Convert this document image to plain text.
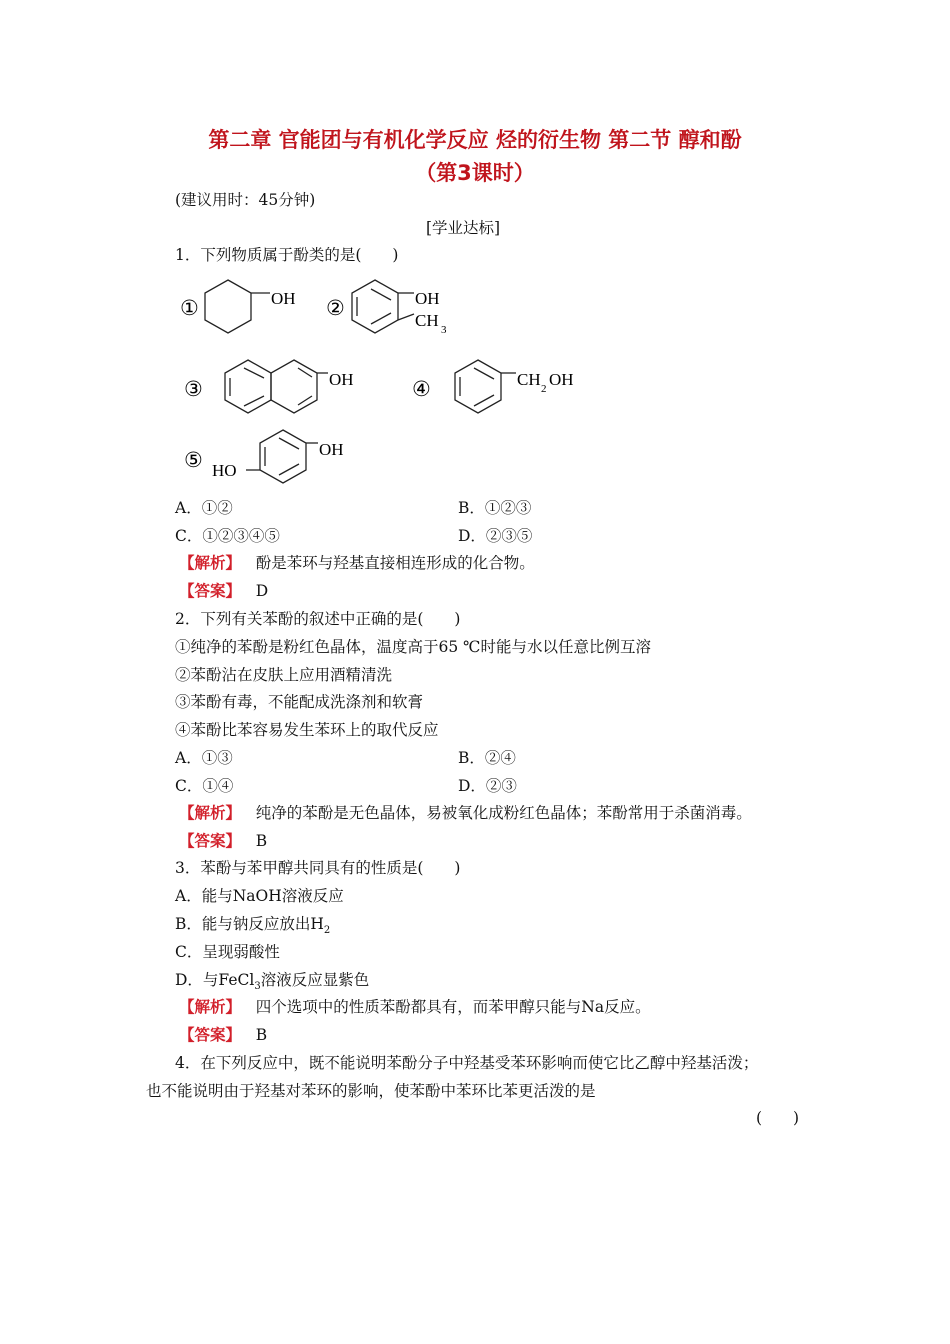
第二章 官能团与有机化学反应 烃的衍生物 第二节 醇和酚
（第3课时）
(建议用时：45分钟)
[学业达标]
1．下列物质属于酚类的是(　　)
①	②
③	④
⑤
OH	OH
CH 3
OH	CH 2 OH
OH
HO
A．①②	B．①②③
C．①②③④⑤	D．②③⑤
【解析】 酚是苯环与羟基直接相连形成的化合物。
【答案】 D
2．下列有关苯酚的叙述中正确的是(　　)
①纯净的苯酚是粉红色晶体，温度高于65 ℃时能与水以任意比例互溶
②苯酚沾在皮肤上应用酒精清洗
③苯酚有毒，不能配成洗涤剂和软膏
④苯酚比苯容易发生苯环上的取代反应
A．①③	B．②④
C．①④	D．②③
【解析】 纯净的苯酚是无色晶体，易被氧化成粉红色晶体；苯酚常用于杀菌消毒。
【答案】 B
3．苯酚与苯甲醇共同具有的性质是(　　)
A．能与NaOH溶液反应
B．能与钠反应放出$H_2$
C．呈现弱酸性
D．与FeCl$_3$溶液反应显紫色
【解析】 四个选项中的性质苯酚都具有，而苯甲醇只能与Na反应。
【答案】 B
4．在下列反应中，既不能说明苯酚分子中羟基受苯环影响而使它比乙醇中羟基活泼；
也不能说明由于羟基对苯环的影响，使苯酚中苯环比苯更活泼的是
(　　)
